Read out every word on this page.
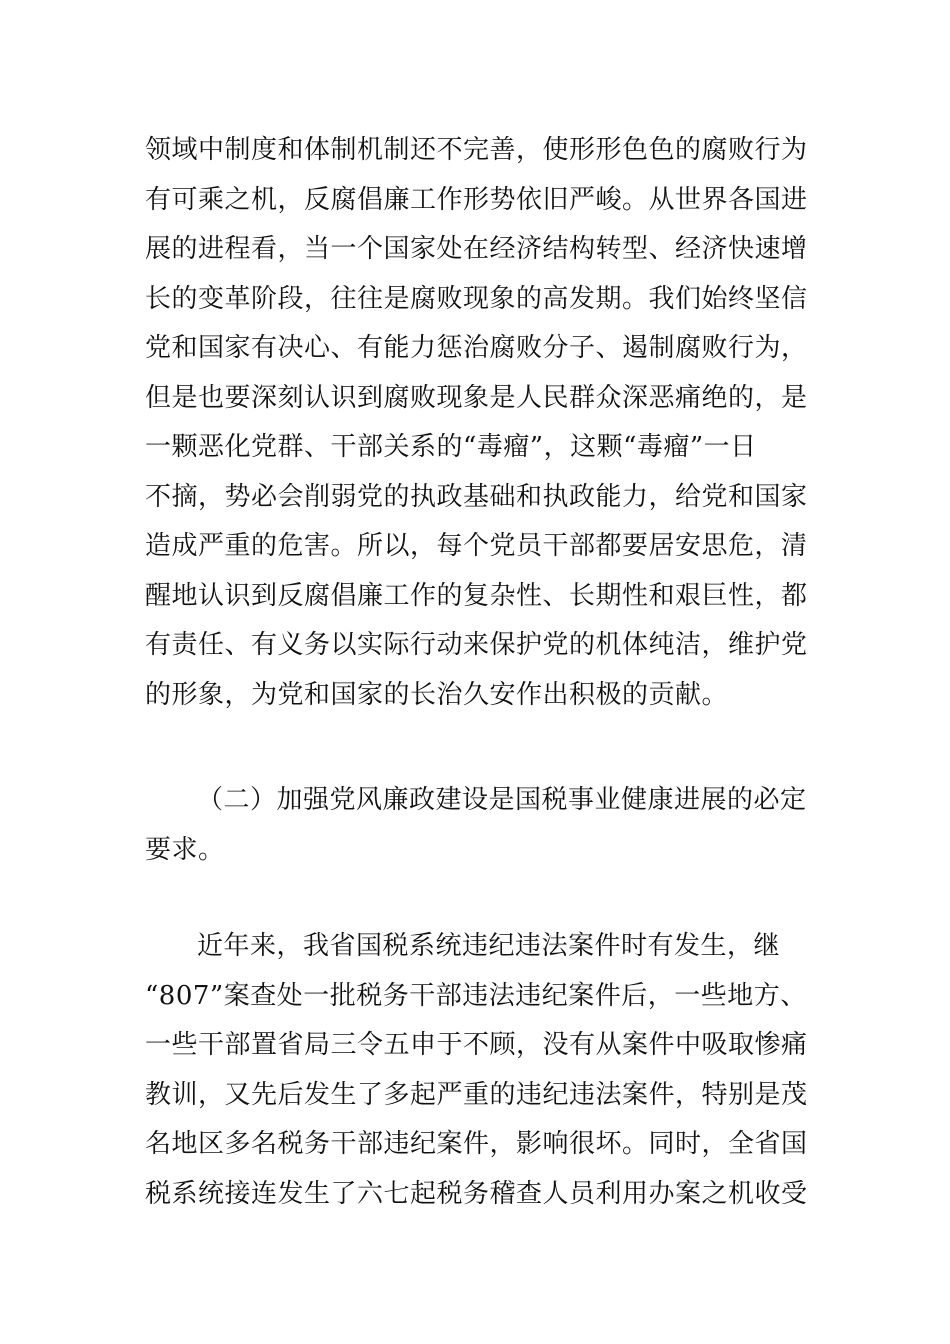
领域中制度和体制机制还不完善，使形形色色的腐败行为
有可乘之机，反腐倡廉工作形势依旧严峻。从世界各国进
展的进程看，当一个国家处在经济结构转型、经济快速增
长的变革阶段，往往是腐败现象的高发期。我们始终坚信
党和国家有决心、有能力惩治腐败分子、遏制腐败行为，
但是也要深刻认识到腐败现象是人民群众深恶痛绝的，是
一颗恶化党群、干部关系的“毒瘤”，这颗“毒瘤”一日
不摘，势必会削弱党的执政基础和执政能力，给党和国家
造成严重的危害。所以，每个党员干部都要居安思危，清
醒地认识到反腐倡廉工作的复杂性、长期性和艰巨性，都
有责任、有义务以实际行动来保护党的机体纯洁，维护党
的形象，为党和国家的长治久安作出积极的贡献。
（二）加强党风廉政建设是国税事业健康进展的必定
要求。
近年来，我省国税系统违纪违法案件时有发生，继
“807”案查处一批税务干部违法违纪案件后，一些地方、
一些干部置省局三令五申于不顾，没有从案件中吸取惨痛
教训，又先后发生了多起严重的违纪违法案件，特别是茂
名地区多名税务干部违纪案件，影响很坏。同时，全省国
税系统接连发生了六七起税务稽查人员利用办案之机收受
